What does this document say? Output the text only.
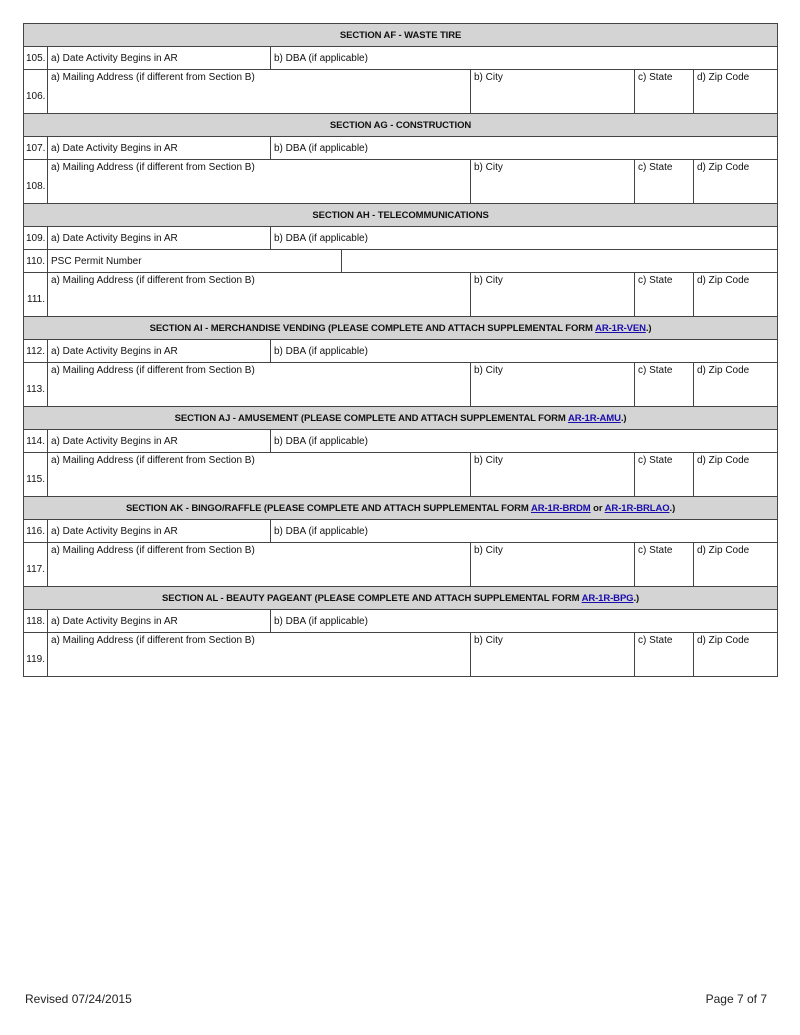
SECTION AF - WASTE TIRE						
105.	a) Date Activity Begins in AR	b) DBA (if applicable)				
106.	a) Mailing Address (if different from Section B)			b) City	c) State	d) Zip Code
SECTION AG - CONSTRUCTION						
107.	a) Date Activity Begins in AR	b) DBA (if applicable)				
108.	a) Mailing Address (if different from Section B)			b) City	c) State	d) Zip Code
SECTION AH - TELECOMMUNICATIONS						
109.	a) Date Activity Begins in AR	b) DBA (if applicable)				
110.	PSC Permit Number					
111.	a) Mailing Address (if different from Section B)			b) City	c) State	d) Zip Code
SECTION AI - MERCHANDISE VENDING (PLEASE COMPLETE AND ATTACH SUPPLEMENTAL FORM AR-1R-VEN.)						
112.	a) Date Activity Begins in AR	b) DBA (if applicable)				
113.	a) Mailing Address (if different from Section B)			b) City	c) State	d) Zip Code
SECTION AJ - AMUSEMENT (PLEASE COMPLETE AND ATTACH SUPPLEMENTAL FORM AR-1R-AMU.)						
114.	a) Date Activity Begins in AR	b) DBA (if applicable)				
115.	a) Mailing Address (if different from Section B)			b) City	c) State	d) Zip Code
SECTION AK - BINGO/RAFFLE (PLEASE COMPLETE AND ATTACH SUPPLEMENTAL FORM AR-1R-BRDM or AR-1R-BRLAO.)						
116.	a) Date Activity Begins in AR	b) DBA (if applicable)				
117.	a) Mailing Address (if different from Section B)			b) City	c) State	d) Zip Code
SECTION AL - BEAUTY PAGEANT (PLEASE COMPLETE AND ATTACH SUPPLEMENTAL FORM AR-1R-BPG.)						
118.	a) Date Activity Begins in AR	b) DBA (if applicable)				
119.	a) Mailing Address (if different from Section B)			b) City	c) State	d) Zip Code
Revised 07/24/2015	Page 7 of 7
